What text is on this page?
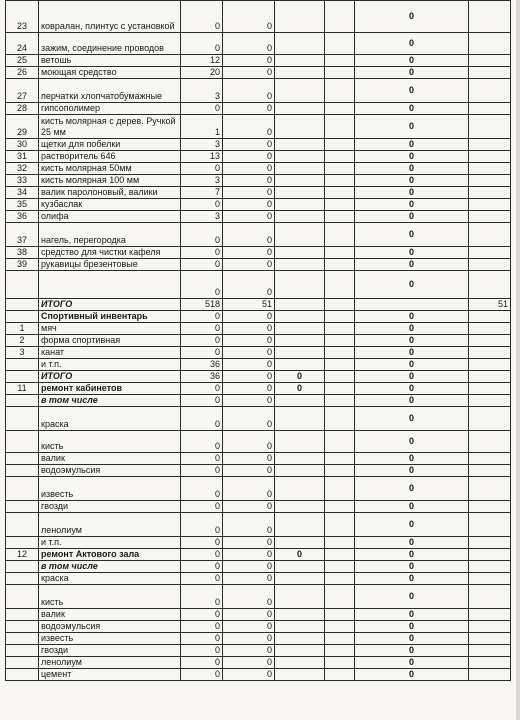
23	ковралан, плинтус с установкой	0	0			0	
24	зажим, соединение проводов	0	0			0	
25	ветошь	12	0			0	
26	моющая средство	20	0			0	
27	перчатки хлопчатобумажные	3	0			0	
28	гипсополимер	0	0			0	
29	кисть молярная с дерев. Ручкой 25 мм	1	0			0	
30	щетки для побелки	3	0			0	
31	растворитель 646	13	0			0	
32	кисть молярная 50мм	0	0			0	
33	кисть молярная 100 мм	3	0			0	
34	валик паролоновый, валики	7	0			0	
35	кузбаслак	0	0			0	
36	олифа	3	0			0	
37	нагель, перегородка	0	0			0	
38	средство для чистки кафеля	0	0			0	
39	рукавицы брезентовые	0	0			0	
		0	0			0	
	ИТОГО	518	51				51
	Спортивный инвентарь	0	0			0	
1	мяч	0	0			0	
2	форма спортивная	0	0			0	
3	канат	0	0			0	
	и т.п.	36	0			0	
	ИТОГО	36	0	0		0	
11	ремонт кабинетов	0	0	0		0	
	в том числе	0	0			0	
	краска	0	0			0	
	кисть	0	0			0	
	валик	0	0			0	
	водоэмульсия	0	0			0	
	известь	0	0			0	
	гвозди	0	0			0	
	ленолиум	0	0			0	
	и т.п.	0	0			0	
12	ремонт Актового зала	0	0	0		0	
	в том числе	0	0			0	
	краска	0	0			0	
	кисть	0	0			0	
	валик	0	0			0	
	водоэмульсия	0	0			0	
	известь	0	0			0	
	гвозди	0	0			0	
	ленолиум	0	0			0	
	цемент	0	0			0	
